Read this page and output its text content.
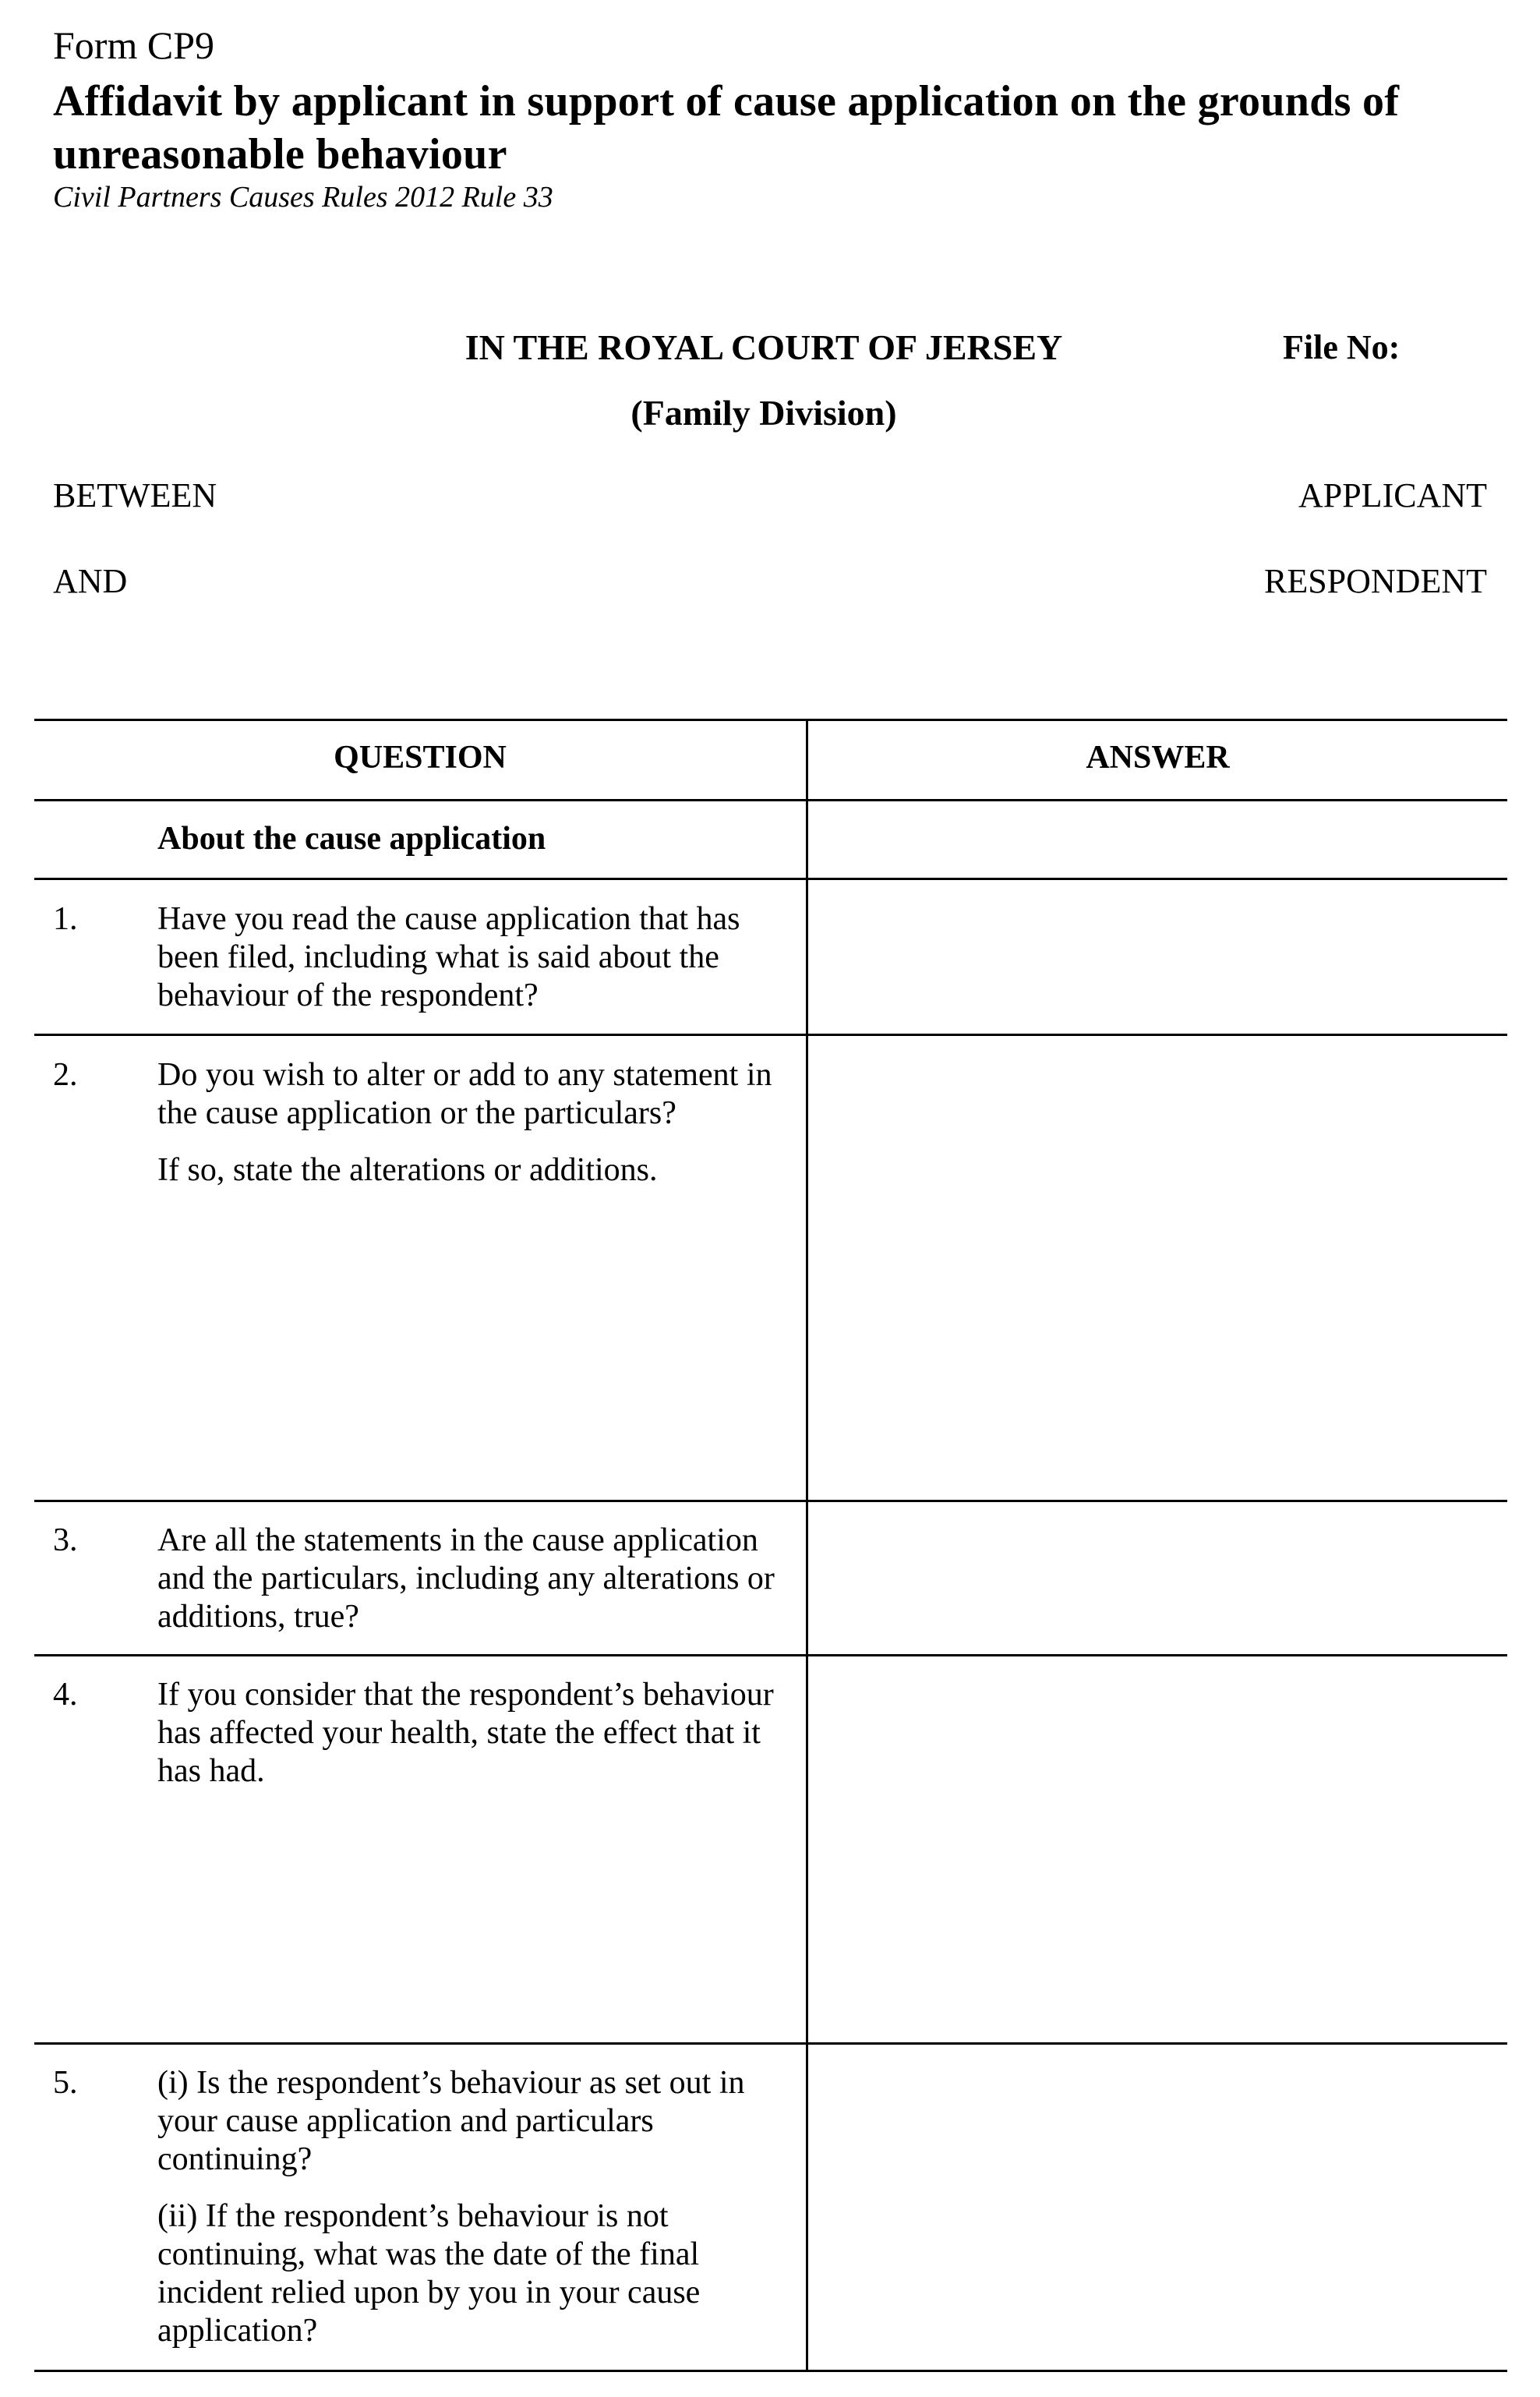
Form CP9
Affidavit by applicant in support of cause application on the grounds of unreasonable behaviour
Civil Partners Causes Rules 2012 Rule 33
IN THE ROYAL COURT OF JERSEY
(Family Division)
File No:
BETWEEN
AND
APPLICANT
RESPONDENT
QUESTION	ANSWER
About the cause application
1. Have you read the cause application that has been filed, including what is said about the behaviour of the respondent?

2. Do you wish to alter or add to any statement in the cause application or the particulars?

If so, state the alterations or additions.

3. Are all the statements in the cause application and the particulars, including any alterations or additions, true?

4. If you consider that the respondent’s behaviour has affected your health, state the effect that it has had.

5. (i) Is the respondent’s behaviour as set out in your cause application and particulars continuing?

(ii) If the respondent’s behaviour is not continuing, what was the date of the final incident relied upon by you in your cause application?
